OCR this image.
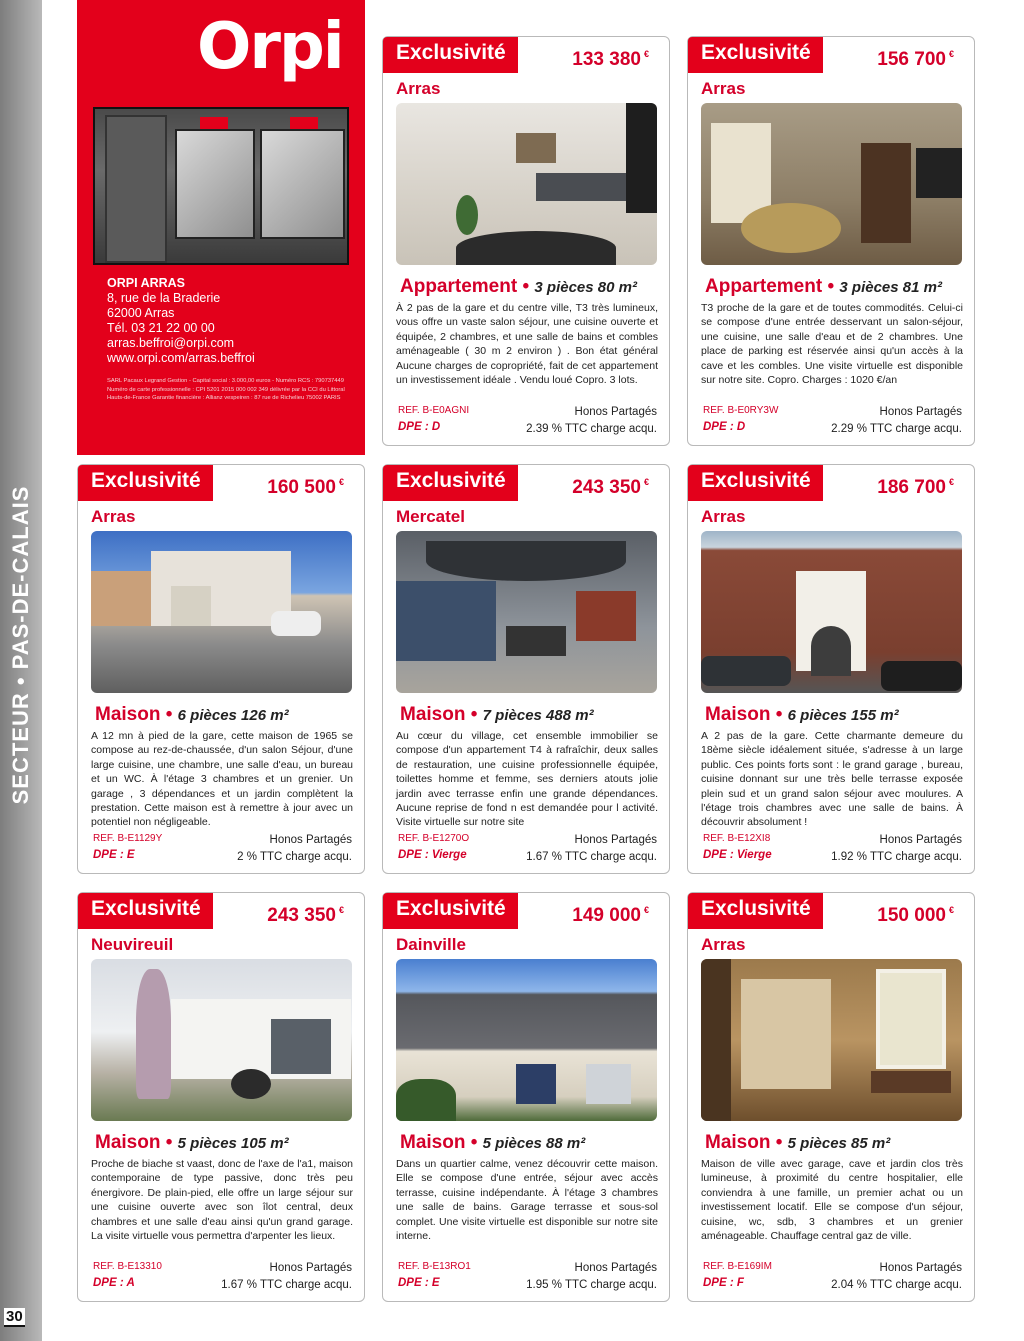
SECTEUR • PAS-DE-CALAIS
30
Orpi
ORPI ARRAS
8, rue de la Braderie
62000 Arras
Tél. 03 21 22 00 00
arras.beffroi@orpi.com
www.orpi.com/arras.beffroi
SARL Pacaux Legrand Gestion - Capital social : 3.000,00 euros - Numéro RCS : 790737449 Numéro de carte professionnelle : CPI 5201 2015 000 002 349 délivrée par la CCI du Littoral Hauts-de-France Garantie financière : Allianz vespeiren : 87 rue de Richelieu 75002 PARIS
Exclusivité	133 380 €
Arras
Appartement • 3 pièces 80 m²
À 2 pas de la gare et du centre ville, T3 très lumineux, vous offre un vaste salon séjour, une cuisine ouverte et équipée, 2 chambres, et une salle de bains et combles aménageable ( 30 m 2 environ ) . Bon état général Aucune charges de copropriété, fait de cet appartement un investissement idéale . Vendu loué Copro. 3 lots.
REF. B-E0AGNI
DPE : D
Honos Partagés
2.39 % TTC charge acqu.
Exclusivité	156 700 €
Arras
Appartement • 3 pièces 81 m²
T3 proche de la gare et de toutes commodités. Celui-ci se compose d'une entrée desservant un salon-séjour, une cuisine, une salle d'eau et de 2 chambres. Une place de parking est réservée ainsi qu'un accès à la cave et les combles. Une visite virtuelle est disponible sur notre site. Copro. Charges : 1020 €/an
REF. B-E0RY3W
DPE : D
Honos Partagés
2.29 % TTC charge acqu.
Exclusivité	160 500 €
Arras
Maison • 6 pièces 126 m²
A 12 mn à pied de la gare, cette maison de 1965 se compose au rez-de-chaussée, d'un salon Séjour, d'une large cuisine, une chambre, une salle d'eau, un bureau et un WC. À l'étage 3 chambres et un grenier. Un garage , 3 dépendances et un jardin complètent la prestation. Cette maison est à remettre à jour avec un potentiel non négligeable.
REF. B-E1129Y
DPE : E
Honos Partagés
2 % TTC charge acqu.
Exclusivité	243 350 €
Mercatel
Maison • 7 pièces 488 m²
Au cœur du village, cet ensemble immobilier se compose d'un appartement T4 à rafraîchir, deux salles de restauration, une cuisine professionnelle équipée, toilettes homme et femme, ses derniers atouts jolie jardin avec terrasse enfin une grande dépendances. Aucune reprise de fond n est demandée pour l activité. Visite virtuelle sur notre site
REF. B-E1270O
DPE : Vierge
Honos Partagés
1.67 % TTC charge acqu.
Exclusivité	186 700 €
Arras
Maison • 6 pièces 155 m²
A 2 pas de la gare. Cette charmante demeure du 18ème siècle idéalement située, s'adresse à un large public. Ces points forts sont : le grand garage , bureau, cuisine donnant sur une très belle terrasse exposée plein sud et un grand salon séjour avec moulures. A l'étage trois chambres avec une salle de bains. À découvrir absolument !
REF. B-E12XI8
DPE : Vierge
Honos Partagés
1.92 % TTC charge acqu.
Exclusivité	243 350 €
Neuvireuil
Maison • 5 pièces 105 m²
Proche de biache st vaast, donc de l'axe de l'a1, maison contemporaine de type passive, donc très peu énergivore. De plain-pied, elle offre un large séjour sur une cuisine ouverte avec son îlot central, deux chambres et une salle d'eau ainsi qu'un grand garage. La visite virtuelle vous permettra d'arpenter les lieux.
REF. B-E13310
DPE : A
Honos Partagés
1.67 % TTC charge acqu.
Exclusivité	149 000 €
Dainville
Maison • 5 pièces 88 m²
Dans un quartier calme, venez découvrir cette maison. Elle se compose d'une entrée, séjour avec accès terrasse, cuisine indépendante. À l'étage 3 chambres une salle de bains. Garage terrasse et sous-sol complet. Une visite virtuelle est disponible sur notre site interne.
REF. B-E13RO1
DPE : E
Honos Partagés
1.95 % TTC charge acqu.
Exclusivité	150 000 €
Arras
Maison • 5 pièces 85 m²
Maison de ville avec garage, cave et jardin clos très lumineuse, à proximité du centre hospitalier, elle conviendra à une famille, un premier achat ou un investissement locatif. Elle se compose d'un séjour, cuisine, wc, sdb, 3 chambres et un grenier aménageable. Chauffage central gaz de ville.
REF. B-E169IM
DPE : F
Honos Partagés
2.04 % TTC charge acqu.
